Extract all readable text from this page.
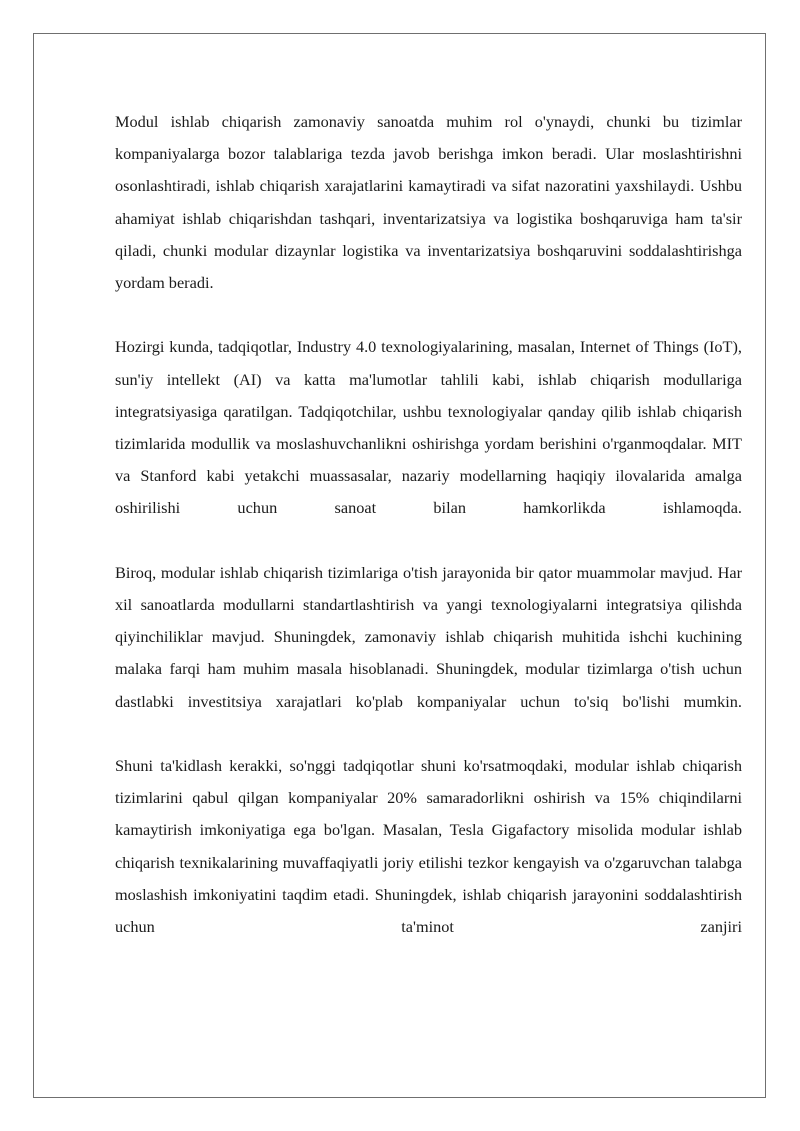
Modul ishlab chiqarish zamonaviy sanoatda muhim rol o'ynaydi, chunki bu tizimlar kompaniyalarga bozor talablariga tezda javob berishga imkon beradi. Ular moslashtirishni osonlashtiradi, ishlab chiqarish xarajatlarini kamaytiradi va sifat nazoratini yaxshilaydi. Ushbu ahamiyat ishlab chiqarishdan tashqari, inventarizatsiya va logistika boshqaruviga ham ta'sir qiladi, chunki modular dizaynlar logistika va inventarizatsiya boshqaruvini soddalashtirishga yordam beradi.

Hozirgi kunda, tadqiqotlar, Industry 4.0 texnologiyalarining, masalan, Internet of Things (IoT), sun'iy intellekt (AI) va katta ma'lumotlar tahlili kabi, ishlab chiqarish modullariga integratsiyasiga qaratilgan. Tadqiqotchilar, ushbu texnologiyalar qanday qilib ishlab chiqarish tizimlarida modullik va moslashuvchanlikni oshirishga yordam berishini o'rganmoqdalar. MIT va Stanford kabi yetakchi muassasalar, nazariy modellarning haqiqiy ilovalarida amalga oshirilishi uchun sanoat bilan hamkorlikda ishlamoqda.

Biroq, modular ishlab chiqarish tizimlariga o'tish jarayonida bir qator muammolar mavjud. Har xil sanoatlarda modullarni standartlashtirish va yangi texnologiyalarni integratsiya qilishda qiyinchiliklar mavjud. Shuningdek, zamonaviy ishlab chiqarish muhitida ishchi kuchining malaka farqi ham muhim masala hisoblanadi. Shuningdek, modular tizimlarga o'tish uchun dastlabki investitsiya xarajatlari ko'plab kompaniyalar uchun to'siq bo'lishi mumkin.

Shuni ta'kidlash kerakki, so'nggi tadqiqotlar shuni ko'rsatmoqdaki, modular ishlab chiqarish tizimlarini qabul qilgan kompaniyalar 20% samaradorlikni oshirish va 15% chiqindilarni kamaytirish imkoniyatiga ega bo'lgan. Masalan, Tesla Gigafactory misolida modular ishlab chiqarish texnikalarining muvaffaqiyatli joriy etilishi tezkor kengayish va o'zgaruvchan talabga moslashish imkoniyatini taqdim etadi. Shuningdek, ishlab chiqarish jarayonini soddalashtirish uchun ta'minot zanjiri
